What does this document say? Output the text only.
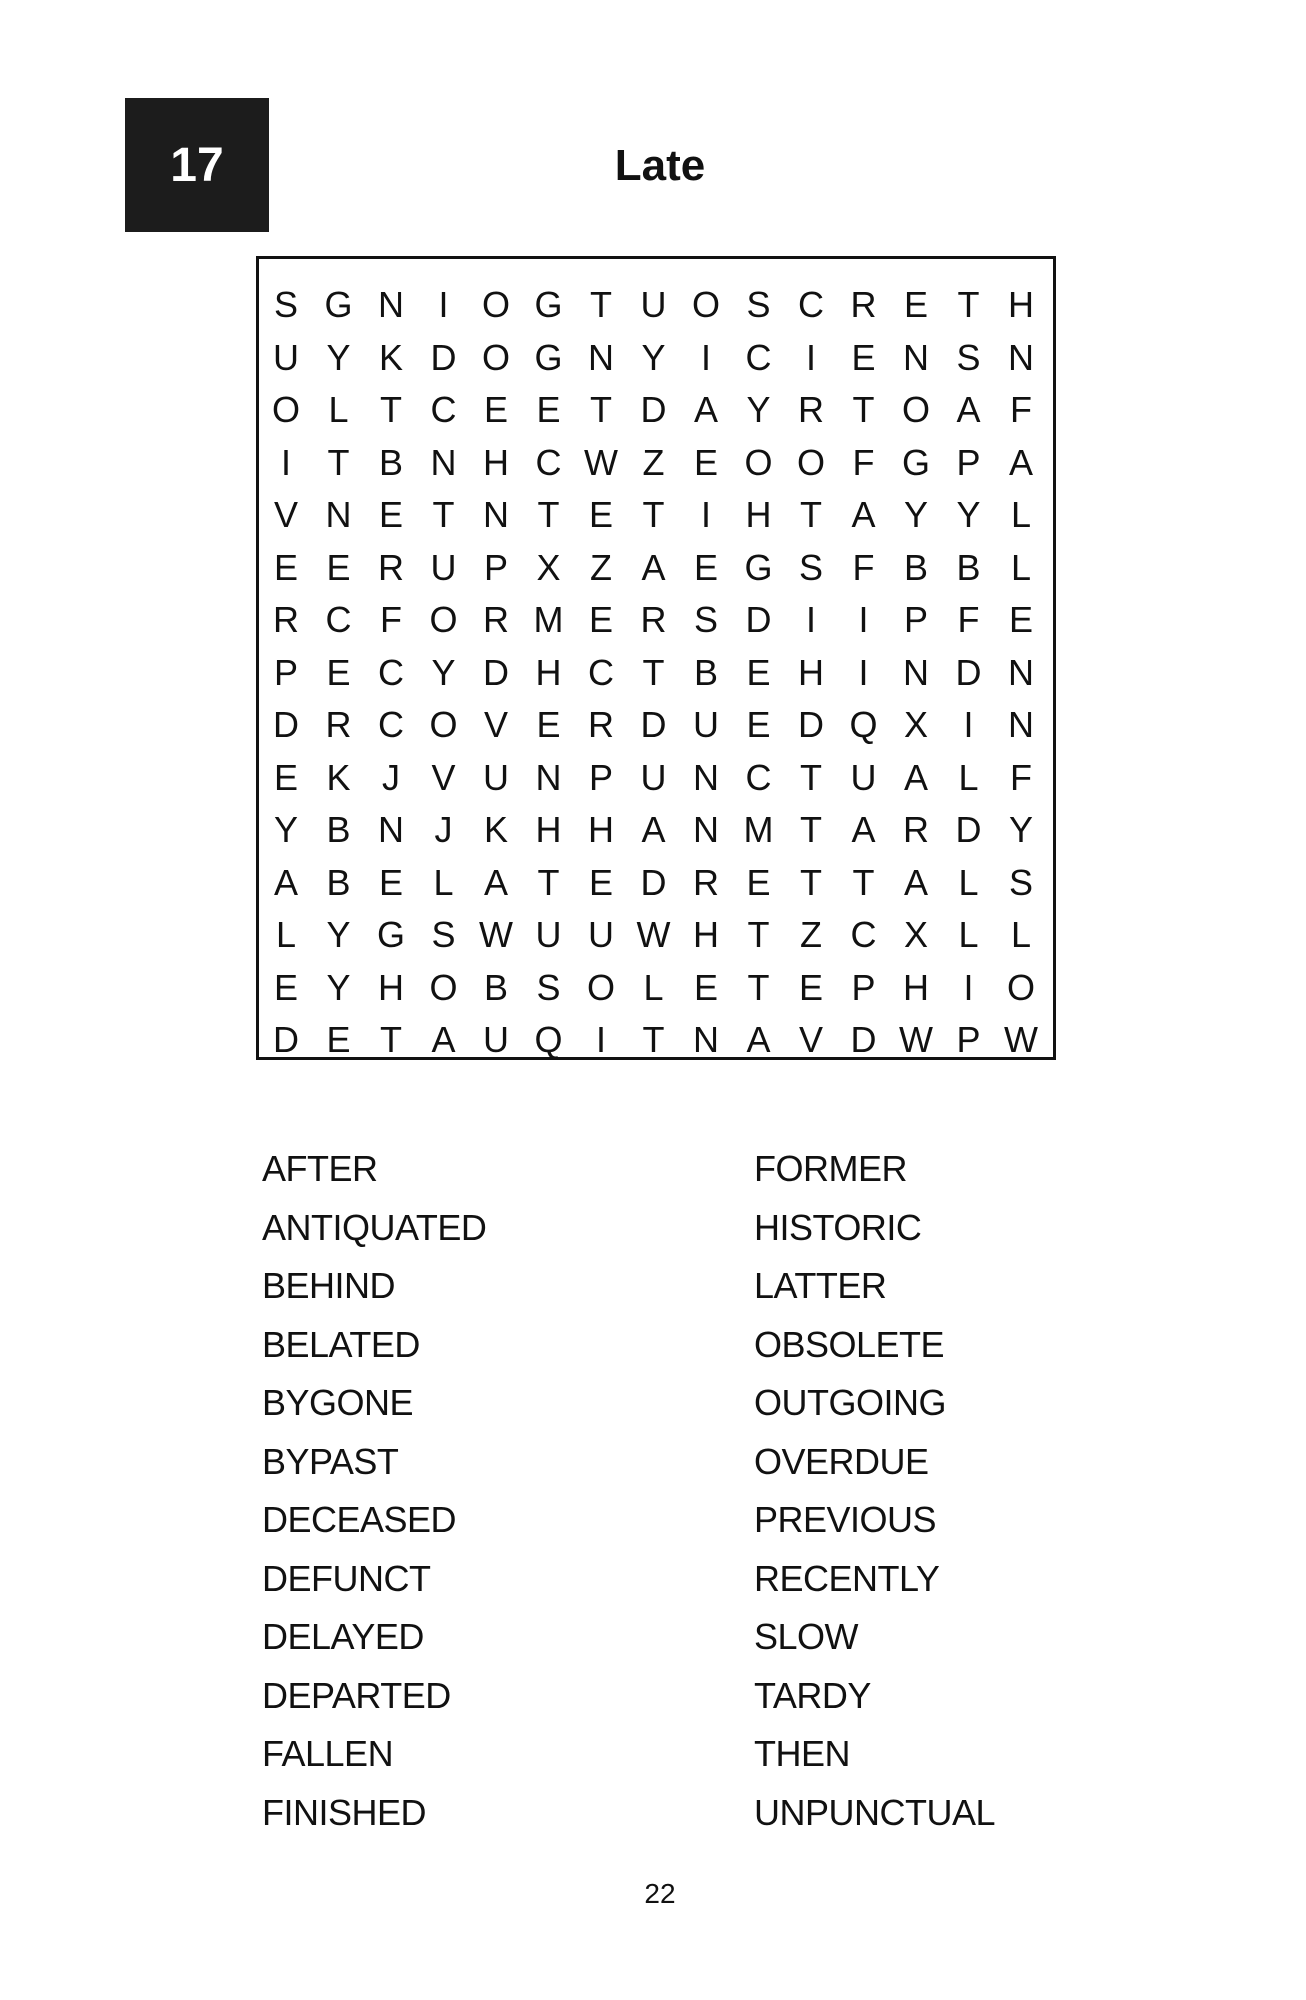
17	Late
S G N I O G T U O S C R E T H
U Y K D O G N Y I C I E N S N
O L T C E E T D A Y R T O A F
I	T B N H C W Z E O O F G P A
V N E T N T E T	I H T A Y Y L
E E R U P X Z A E G S F B B L
R C F O R M E R S D I	I P F E
P E C Y D H C T B E H I N D N
D R C O V E R D U E D Q X I N
E K J V U N P U N C T U A L F
Y B N J K H H A N M T A R D Y
A B E L A T E D R E T T A L S
L Y G S W U U W H T Z C X L L
E Y H O B S O L E T E P H I O
D E T A U Q I	T N A V D W P W
AFTER
ANTIQUATED
BEHIND
BELATED
BYGONE
BYPAST
DECEASED
DEFUNCT
DELAYED
DEPARTED
FALLEN
FINISHED
FORMER
HISTORIC
LATTER
OBSOLETE
OUTGOING
OVERDUE
PREVIOUS
RECENTLY
SLOW
TARDY
THEN
UNPUNCTUAL
22
